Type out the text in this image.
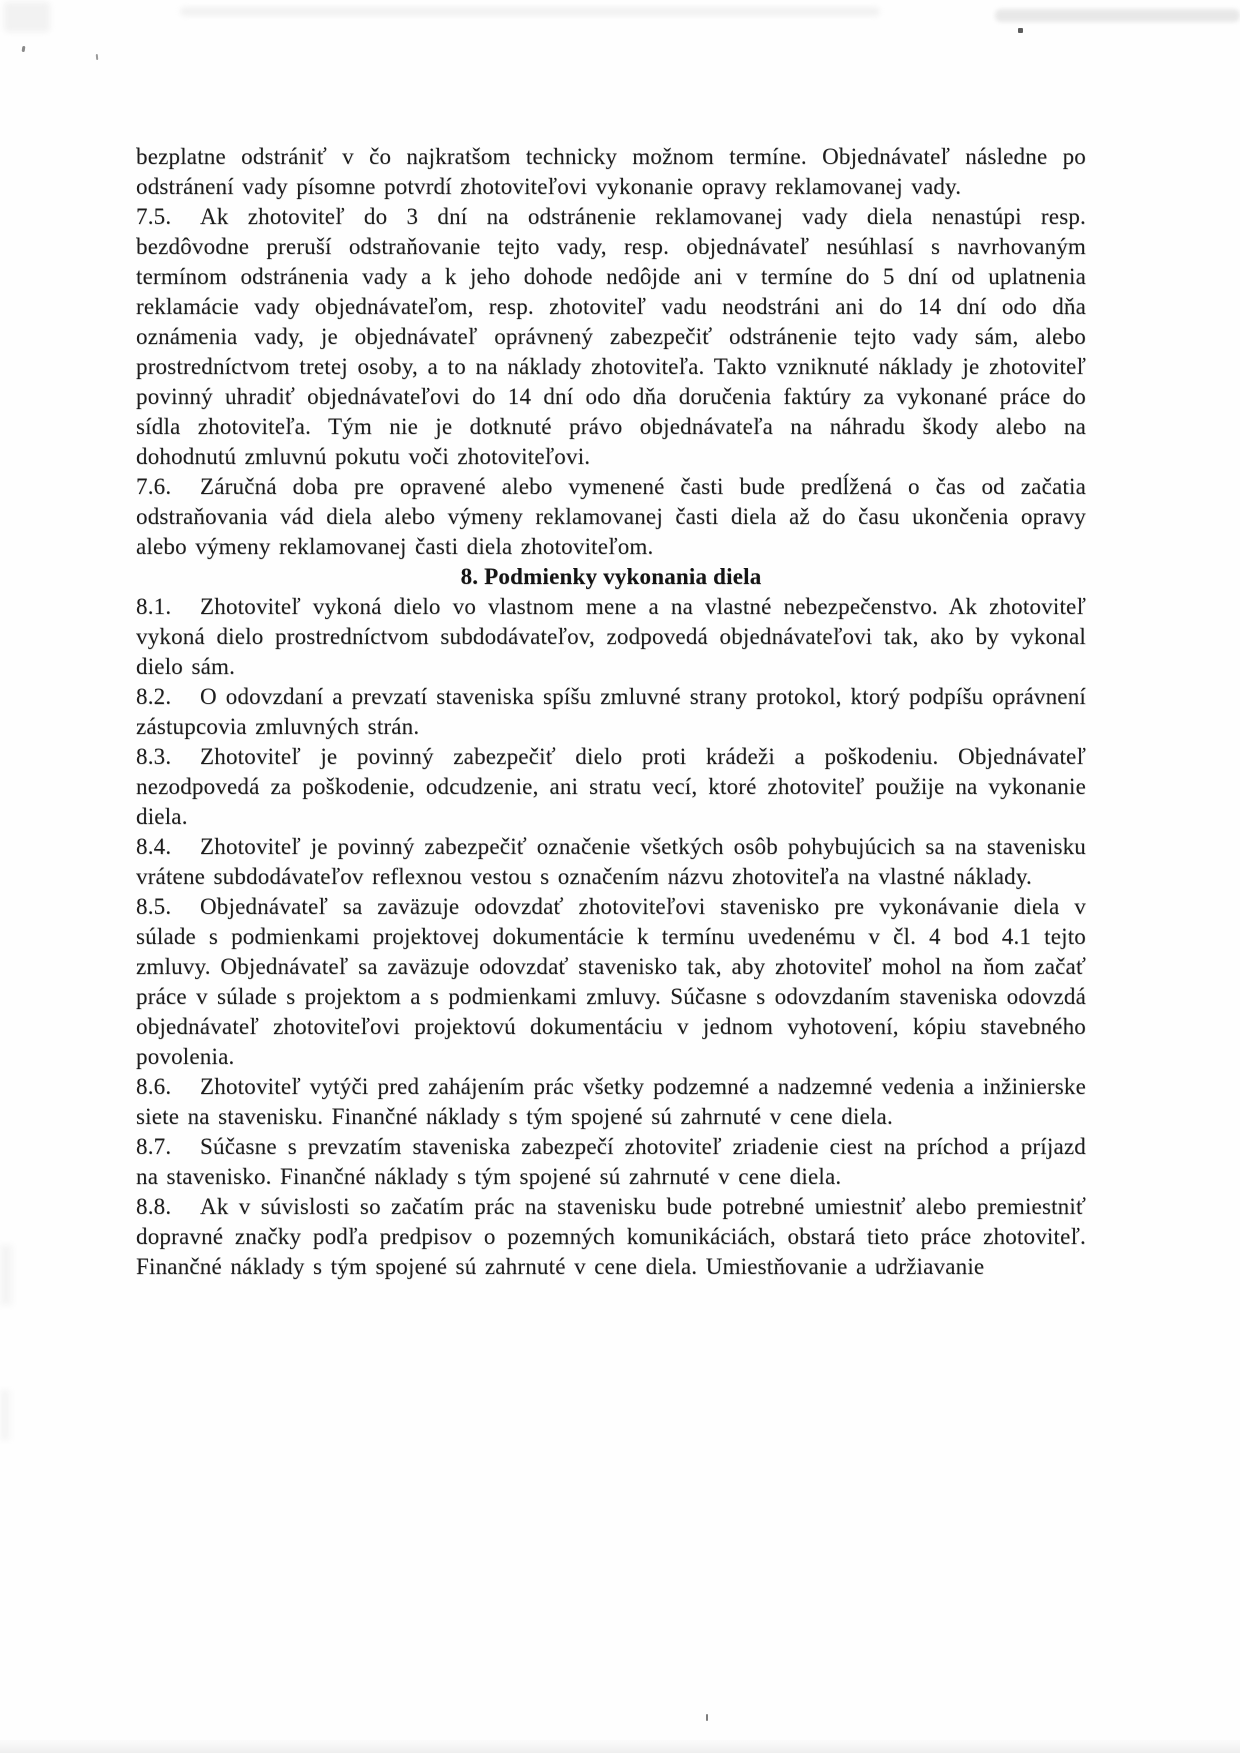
bezplatne odstrániť v čo najkratšom technicky možnom termíne. Objednávateľ následne po odstránení vady písomne potvrdí zhotoviteľovi vykonanie opravy reklamovanej vady.

7.5. Ak zhotoviteľ do 3 dní na odstránenie reklamovanej vady diela nenastúpi resp. bezdôvodne preruší odstraňovanie tejto vady, resp. objednávateľ nesúhlasí s navrhovaným termínom odstránenia vady a k jeho dohode nedôjde ani v termíne do 5 dní od uplatnenia reklamácie vady objednávateľom, resp. zhotoviteľ vadu neodstráni ani do 14 dní odo dňa oznámenia vady, je objednávateľ oprávnený zabezpečiť odstránenie tejto vady sám, alebo prostredníctvom tretej osoby, a to na náklady zhotoviteľa. Takto vzniknuté náklady je zhotoviteľ povinný uhradiť objednávateľovi do 14 dní odo dňa doručenia faktúry za vykonané práce do sídla zhotoviteľa. Tým nie je dotknuté právo objednávateľa na náhradu škody alebo na dohodnutú zmluvnú pokutu voči zhotoviteľovi.

7.6. Záručná doba pre opravené alebo vymenené časti bude predĺžená o čas od začatia odstraňovania vád diela alebo výmeny reklamovanej časti diela až do času ukončenia opravy alebo výmeny reklamovanej časti diela zhotoviteľom.

8. Podmienky vykonania diela

8.1. Zhotoviteľ vykoná dielo vo vlastnom mene a na vlastné nebezpečenstvo. Ak zhotoviteľ vykoná dielo prostredníctvom subdodávateľov, zodpovedá objednávateľovi tak, ako by vykonal dielo sám.

8.2. O odovzdaní a prevzatí staveniska spíšu zmluvné strany protokol, ktorý podpíšu oprávnení zástupcovia zmluvných strán.

8.3. Zhotoviteľ je povinný zabezpečiť dielo proti krádeži a poškodeniu. Objednávateľ nezodpovedá za poškodenie, odcudzenie, ani stratu vecí, ktoré zhotoviteľ použije na vykonanie diela.

8.4. Zhotoviteľ je povinný zabezpečiť označenie všetkých osôb pohybujúcich sa na stavenisku vrátene subdodávateľov reflexnou vestou s označením názvu zhotoviteľa na vlastné náklady.

8.5. Objednávateľ sa zaväzuje odovzdať zhotoviteľovi stavenisko pre vykonávanie diela v súlade s podmienkami projektovej dokumentácie k termínu uvedenému v čl. 4 bod 4.1 tejto zmluvy. Objednávateľ sa zaväzuje odovzdať stavenisko tak, aby zhotoviteľ mohol na ňom začať práce v súlade s projektom a s podmienkami zmluvy. Súčasne s odovzdaním staveniska odovzdá objednávateľ zhotoviteľovi projektovú dokumentáciu v jednom vyhotovení, kópiu stavebného povolenia.

8.6. Zhotoviteľ vytýči pred zahájením prác všetky podzemné a nadzemné vedenia a inžinierske siete na stavenisku. Finančné náklady s tým spojené sú zahrnuté v cene diela.

8.7. Súčasne s prevzatím staveniska zabezpečí zhotoviteľ zriadenie ciest na príchod a príjazd na stavenisko. Finančné náklady s tým spojené sú zahrnuté v cene diela.

8.8. Ak v súvislosti so začatím prác na stavenisku bude potrebné umiestniť alebo premiestniť dopravné značky podľa predpisov o pozemných komunikáciách, obstará tieto práce zhotoviteľ. Finančné náklady s tým spojené sú zahrnuté v cene diela. Umiestňovanie a udržiavanie
